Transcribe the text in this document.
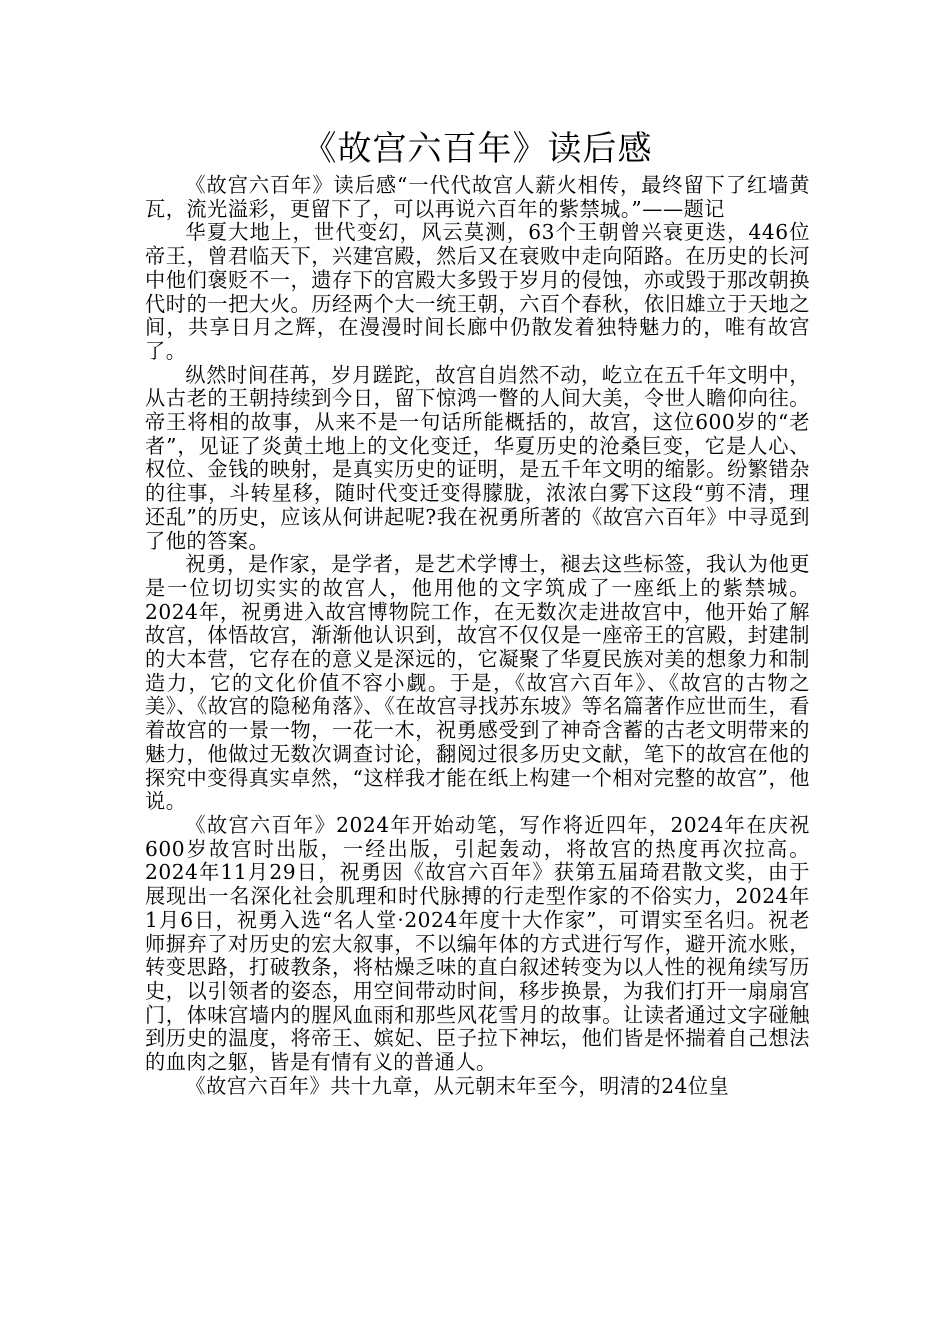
《故宫六百年》读后感

《故宫六百年》读后感“一代代故宫人薪火相传，最终留下了红墙黄瓦，流光溢彩，更留下了，可以再说六百年的紫禁城。”——题记

华夏大地上，世代变幻，风云莫测，63个王朝曾兴衰更迭，446位帝王，曾君临天下，兴建宫殿，然后又在衰败中走向陌路。在历史的长河中他们褒贬不一，遗存下的宫殿大多毁于岁月的侵蚀，亦或毁于那改朝换代时的一把大火。历经两个大一统王朝，六百个春秋，依旧雄立于天地之间，共享日月之辉，在漫漫时间长廊中仍散发着独特魅力的，唯有故宫了。

纵然时间荏苒，岁月蹉跎，故宫自岿然不动，屹立在五千年文明中，从古老的王朝持续到今日，留下惊鸿一瞥的人间大美，令世人瞻仰向往。帝王将相的故事，从来不是一句话所能概括的，故宫，这位600岁的“老者”，见证了炎黄土地上的文化变迁，华夏历史的沧桑巨变，它是人心、权位、金钱的映射，是真实历史的证明，是五千年文明的缩影。纷繁错杂的往事，斗转星移，随时代变迁变得朦胧，浓浓白雾下这段“剪不清，理还乱”的历史，应该从何讲起呢?我在祝勇所著的《故宫六百年》中寻觅到了他的答案。

祝勇，是作家，是学者，是艺术学博士，褪去这些标签，我认为他更是一位切切实实的故宫人，他用他的文字筑成了一座纸上的紫禁城。2024年，祝勇进入故宫博物院工作，在无数次走进故宫中，他开始了解故宫，体悟故宫，渐渐他认识到，故宫不仅仅是一座帝王的宫殿，封建制的大本营，它存在的意义是深远的，它凝聚了华夏民族对美的想象力和制造力，它的文化价值不容小觑。于是，《故宫六百年》、《故宫的古物之美》、《故宫的隐秘角落》、《在故宫寻找苏东坡》等名篇著作应世而生，看着故宫的一景一物，一花一木，祝勇感受到了神奇含蓄的古老文明带来的魅力，他做过无数次调查讨论，翻阅过很多历史文献，笔下的故宫在他的探究中变得真实卓然，“这样我才能在纸上构建一个相对完整的故宫”，他说。

《故宫六百年》2024年开始动笔，写作将近四年，2024年在庆祝600岁故宫时出版，一经出版，引起轰动，将故宫的热度再次拉高。2024年11月29日，祝勇因《故宫六百年》获第五届琦君散文奖，由于展现出一名深化社会肌理和时代脉搏的行走型作家的不俗实力，2024年1月6日，祝勇入选“名人堂·2024年度十大作家”，可谓实至名归。祝老师摒弃了对历史的宏大叙事，不以编年体的方式进行写作，避开流水账，转变思路，打破教条，将枯燥乏味的直白叙述转变为以人性的视角续写历史，以引领者的姿态，用空间带动时间，移步换景，为我们打开一扇扇宫门，体味宫墙内的腥风血雨和那些风花雪月的故事。让读者通过文字碰触到历史的温度，将帝王、嫔妃、臣子拉下神坛，他们皆是怀揣着自己想法的血肉之躯，皆是有情有义的普通人。

《故宫六百年》共十九章，从元朝末年至今，明清的24位皇
